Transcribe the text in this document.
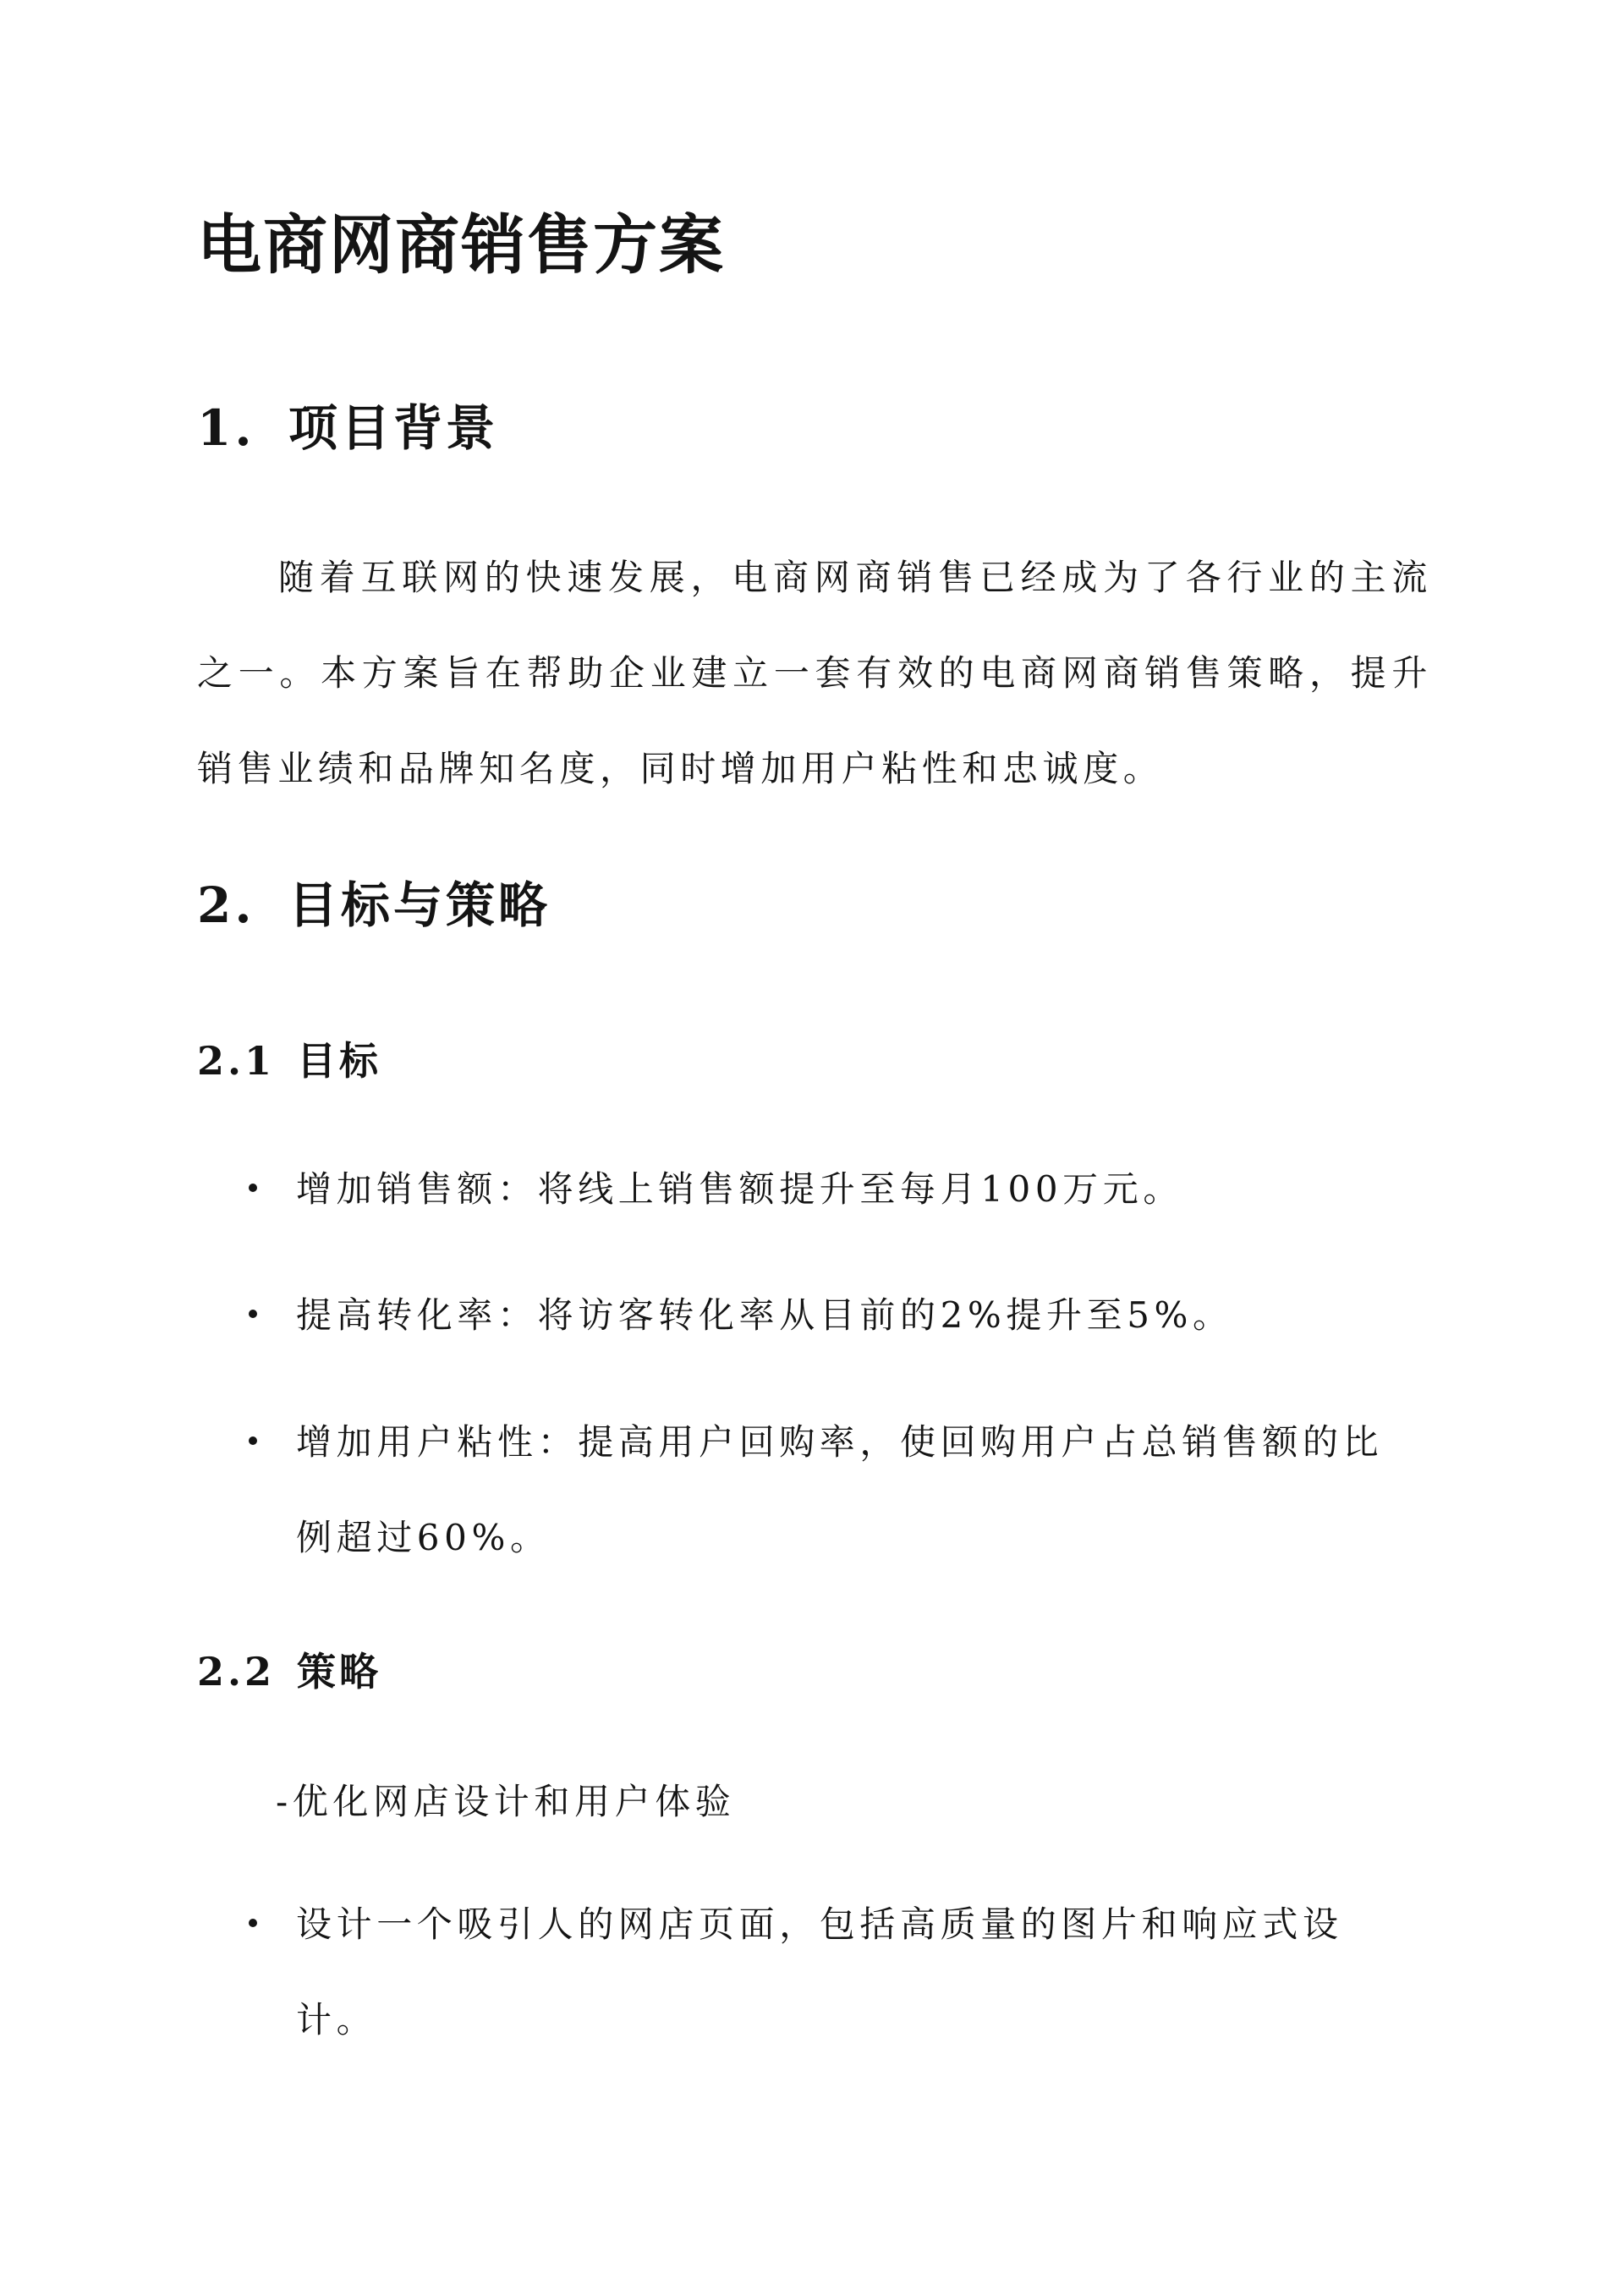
电商网商销售方案
1. 项目背景
随着互联网的快速发展，电商网商销售已经成为了各行业的主流之一。本方案旨在帮助企业建立一套有效的电商网商销售策略，提升销售业绩和品牌知名度，同时增加用户粘性和忠诚度。
2. 目标与策略
2.1 目标
增加销售额：将线上销售额提升至每月100万元。
提高转化率：将访客转化率从目前的2%提升至5%。
增加用户粘性：提高用户回购率，使回购用户占总销售额的比例超过60%。
2.2 策略
-优化网店设计和用户体验
设计一个吸引人的网店页面，包括高质量的图片和响应式设计。
